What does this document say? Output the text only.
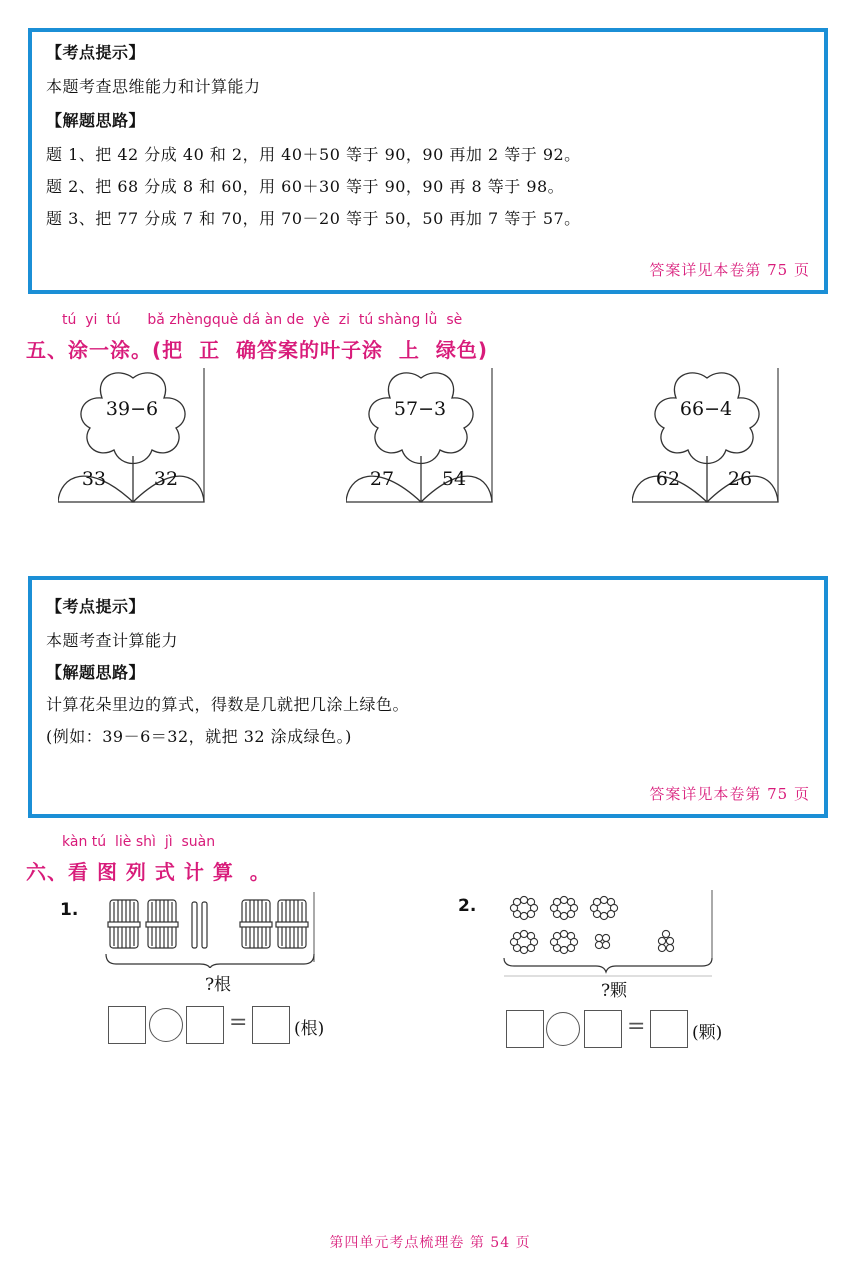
【考点提示】
本题考查思维能力和计算能力
【解题思路】
题 1、把 42 分成 40 和 2，用 40＋50 等于 90，90 再加 2 等于 92。
题 2、把 68 分成 8 和 60，用 60＋30 等于 90，90 再 8 等于 98。
题 3、把 77 分成 7 和 70，用 70－20 等于 50，50 再加 7 等于 57。
答案详见本卷第 75 页
tú  yi  tú      bǎ zhèngquè dá àn de  yè  zi  tú shàng lǜ  sè
五、涂一涂。(把  正  确答案的叶子涂  上  绿色)
39−6
33	32
57−3
27	54
66−4
62	26
【考点提示】
本题考查计算能力
【解题思路】
计算花朵里边的算式，得数是几就把几涂上绿色。
(例如：39－6＝32，就把 32 涂成绿色。)
答案详见本卷第 75 页
kàn tú  liè shì  jì  suàn
六、看 图 列 式 计 算  。
1.
?根
=	(根)
2.
?颗
=	(颗)
第四单元考点梳理卷 第 54 页
